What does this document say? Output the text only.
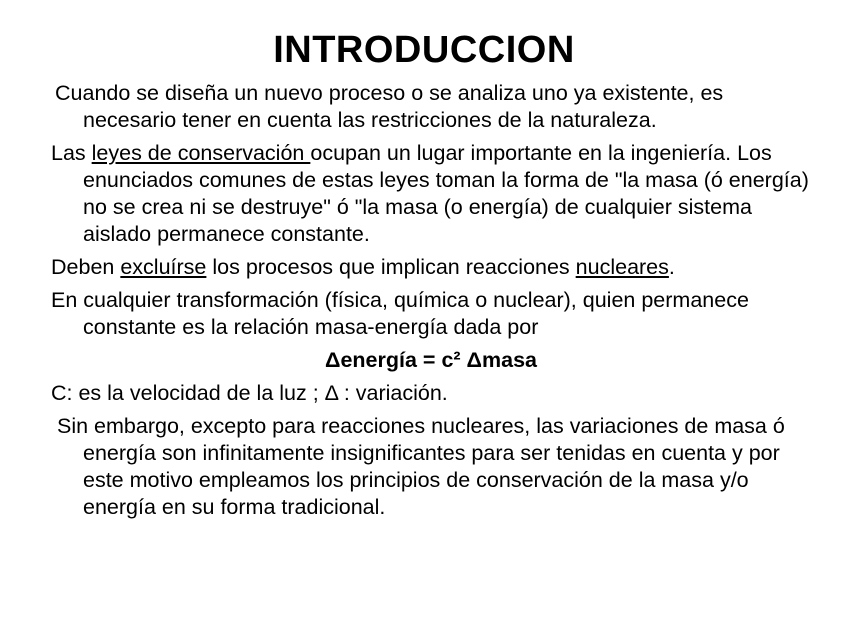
INTRODUCCION

Cuando se diseña un nuevo proceso o se analiza uno ya existente, es necesario tener en cuenta las restricciones de la naturaleza.

Las leyes de conservación ocupan un lugar importante en la ingeniería. Los enunciados comunes de estas leyes toman la forma de "la masa (ó energía) no se crea ni se destruye" ó "la masa (o energía) de cualquier sistema aislado permanece constante.

Deben excluírse los procesos que implican reacciones nucleares.

En cualquier transformación (física, química o nuclear), quien permanece constante es la relación masa-energía dada por

Δenergía = c² Δmasa

C: es la velocidad de la luz ; Δ : variación.

Sin embargo, excepto para reacciones nucleares, las variaciones de masa ó energía son infinitamente insignificantes para ser tenidas en cuenta y por este motivo empleamos los principios de conservación de la masa y/o energía en su forma tradicional.
